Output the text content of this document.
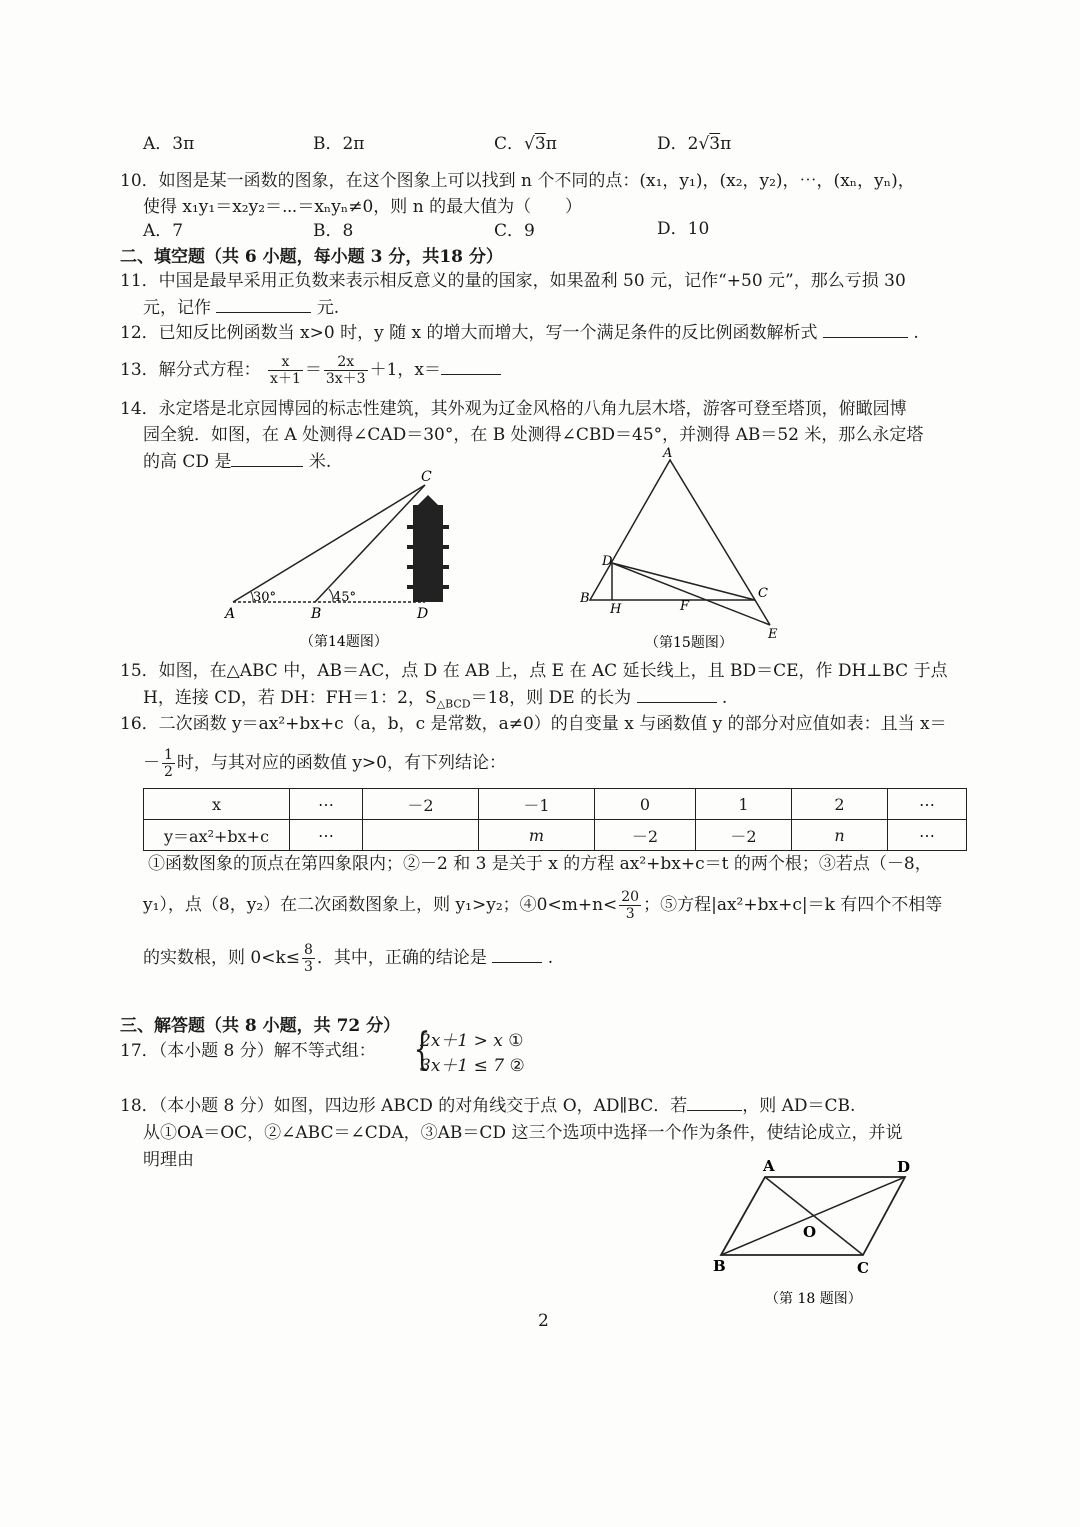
A．3π	B．2π	C．√3π	D．2√3π
10．如图是某一函数的图象，在这个图象上可以找到 n 个不同的点：(x₁，y₁)，(x₂，y₂)，⋯，(xₙ，yₙ)，
使得 x₁y₁＝x₂y₂＝⋯＝xₙyₙ≠0，则 n 的最大值为（　　）
A．7	B．8	C．9	D．10
二、填空题（共 6 小题，每小题 3 分，共18 分）
11．中国是最早采用正负数来表示相反意义的量的国家，如果盈利 50 元，记作“+50 元”，那么亏损 30
元，记作	元.
12．已知反比例函数当 x>0 时，y 随 x 的增大而增大，写一个满足条件的反比例函数解析式	.
13．解分式方程： $\frac{x}{x+1} = \frac{2x}{3x+3} +1$，x＝
14．永定塔是北京园博园的标志性建筑，其外观为辽金风格的八角九层木塔，游客可登至塔顶，俯瞰园博
园全貌．如图，在 A 处测得∠CAD＝30°，在 B 处测得∠CBD＝45°，并测得 AB＝52 米，那么永定塔
的高 CD 是	米.
30°	45°
A	B
C
D
（第14题图）
A
B	C
D
E
F
H
（第15题图）
15．如图，在△ABC 中，AB＝AC，点 D 在 AB 上，点 E 在 AC 延长线上，且 BD＝CE，作 DH⊥BC 于点
H，连接 CD，若 DH：FH＝1：2，$S_{\triangle BCD}=18$，则 DE 的长为	.
16．二次函数 y＝ax²+bx+c（a，b，c 是常数，a≠0）的自变量 x 与函数值 y 的部分对应值如表：且当 x＝
－ $\frac{1}{2}$ 时，与其对应的函数值 y>0，有下列结论：
x	⋯	－2	－1	0	1	2	⋯
y＝ax²+bx+c	⋯		m	－2	－2	n	⋯
①函数图象的顶点在第四象限内；②－2 和 3 是关于 x 的方程 ax²+bx+c＝t 的两个根；③若点（－8，
y₁），点（8，y₂）在二次函数图象上，则 y₁>y₂；④0<m+n< $\frac{20}{3}$ ；⑤方程|ax²+bx+c|＝k 有四个不相等
的实数根，则 $0<k\le \frac{8}{3}$ ．其中，正确的结论是	.
三、解答题（共 8 小题，共 72 分）
17．（本小题 8 分）解不等式组： {
2x＋1 > x ①
3x＋1 ≤ 7 ②
18．（本小题 8 分）如图，四边形 ABCD 的对角线交于点 O，AD∥BC．若	，则 AD＝CB.
从①OA＝OC，②∠ABC＝∠CDA，③AB＝CD 这三个选项中选择一个作为条件，使结论成立，并说
明理由	A	D
B	C
O
（第 18 题图）
2
